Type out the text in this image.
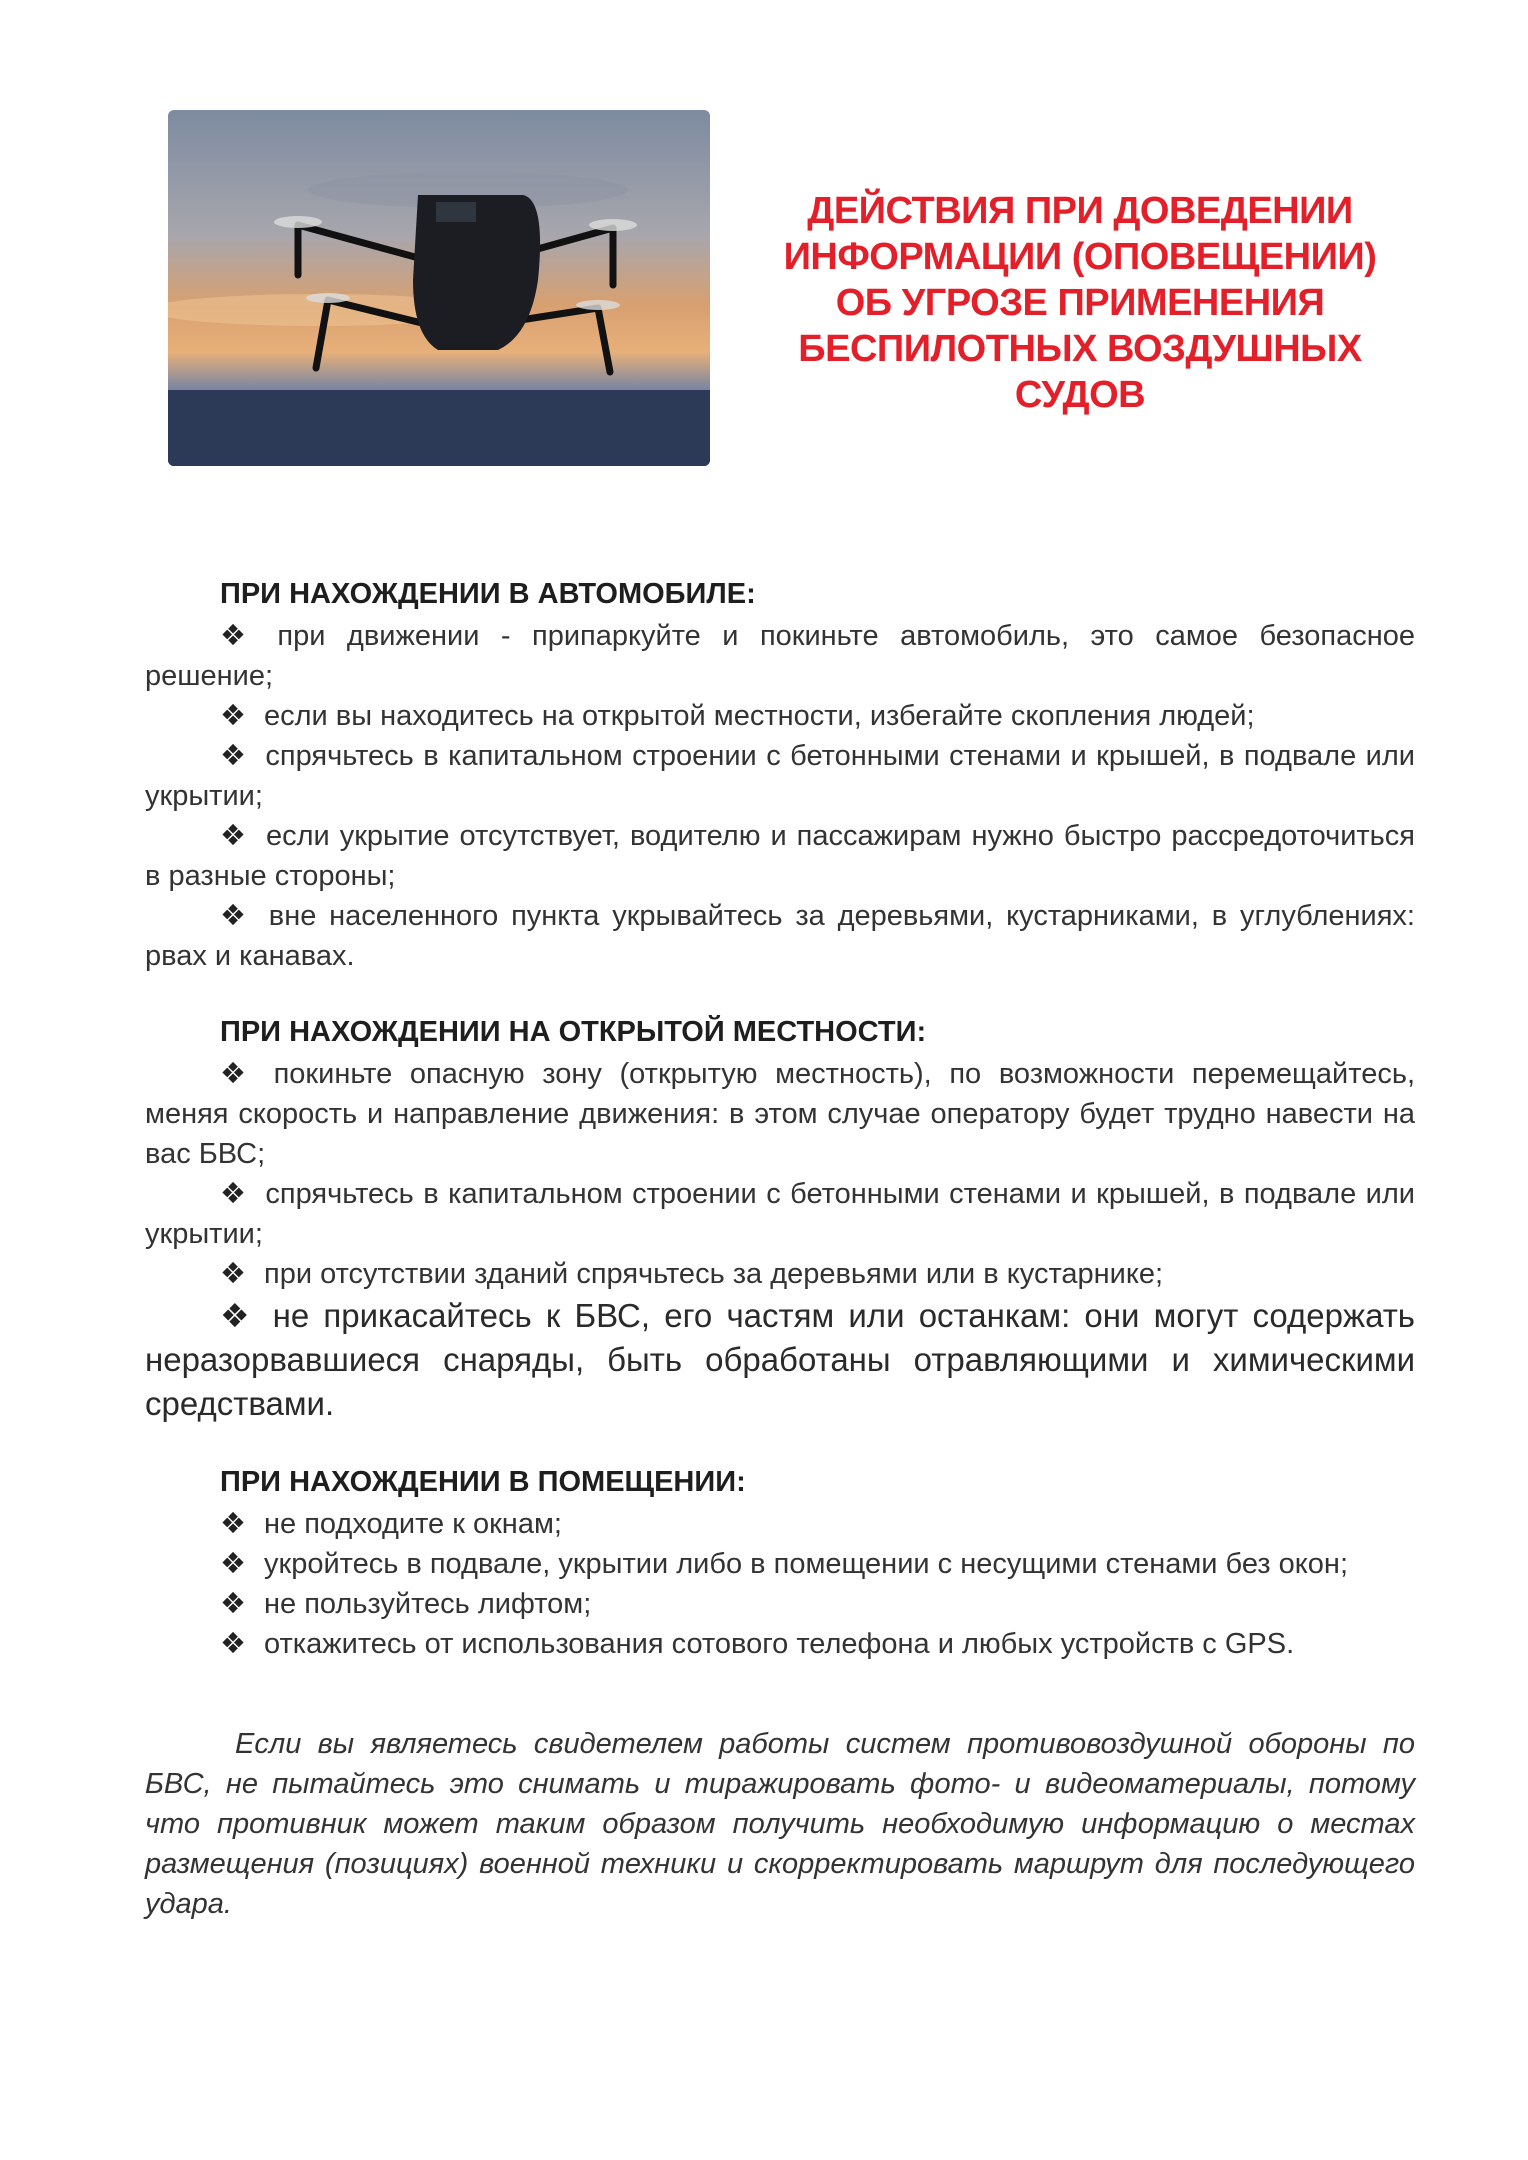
ДЕЙСТВИЯ ПРИ ДОВЕДЕНИИ
ИНФОРМАЦИИ (ОПОВЕЩЕНИИ)
ОБ УГРОЗЕ ПРИМЕНЕНИЯ
БЕСПИЛОТНЫХ ВОЗДУШНЫХ
СУДОВ

ПРИ НАХОЖДЕНИИ В АВТОМОБИЛЕ:

❖ при движении - припаркуйте и покиньте автомобиль, это самое безопасное решение;

❖ если вы находитесь на открытой местности, избегайте скопления людей;

❖ спрячьтесь в капитальном строении с бетонными стенами и крышей, в подвале или укрытии;

❖ если укрытие отсутствует, водителю и пассажирам нужно быстро рассредоточиться в разные стороны;

❖ вне населенного пункта укрывайтесь за деревьями, кустарниками, в углублениях: рвах и канавах.

ПРИ НАХОЖДЕНИИ НА ОТКРЫТОЙ МЕСТНОСТИ:

❖ покиньте опасную зону (открытую местность), по возможности перемещайтесь, меняя скорость и направление движения: в этом случае оператору будет трудно навести на вас БВС;

❖ спрячьтесь в капитальном строении с бетонными стенами и крышей, в подвале или укрытии;

❖ при отсутствии зданий спрячьтесь за деревьями или в кустарнике;

❖ не прикасайтесь к БВС, его частям или останкам: они могут содержать неразорвавшиеся снаряды, быть обработаны отравляющими и химическими средствами.

ПРИ НАХОЖДЕНИИ В ПОМЕЩЕНИИ:

❖ не подходите к окнам;

❖ укройтесь в подвале, укрытии либо в помещении с несущими стенами без окон;

❖ не пользуйтесь лифтом;

❖ откажитесь от использования сотового телефона и любых устройств с GPS.

Если вы являетесь свидетелем работы систем противовоздушной обороны по БВС, не пытайтесь это снимать и тиражировать фото- и видеоматериалы, потому что противник может таким образом получить необходимую информацию о местах размещения (позициях) военной техники и скорректировать маршрут для последующего удара.
